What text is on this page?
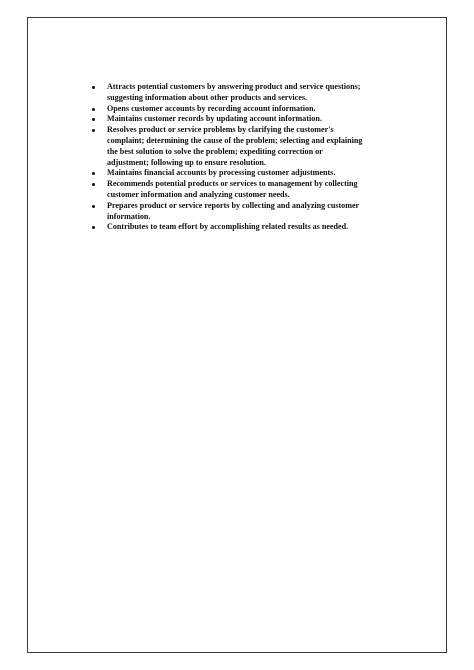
Attracts potential customers by answering product and service questions;
suggesting information about other products and services.
Opens customer accounts by recording account information.
Maintains customer records by updating account information.
Resolves product or service problems by clarifying the customer's
complaint; determining the cause of the problem; selecting and explaining
the best solution to solve the problem; expediting correction or
adjustment; following up to ensure resolution.
Maintains financial accounts by processing customer adjustments.
Recommends potential products or services to management by collecting
customer information and analyzing customer needs.
Prepares product or service reports by collecting and analyzing customer
information.
Contributes to team effort by accomplishing related results as needed.
